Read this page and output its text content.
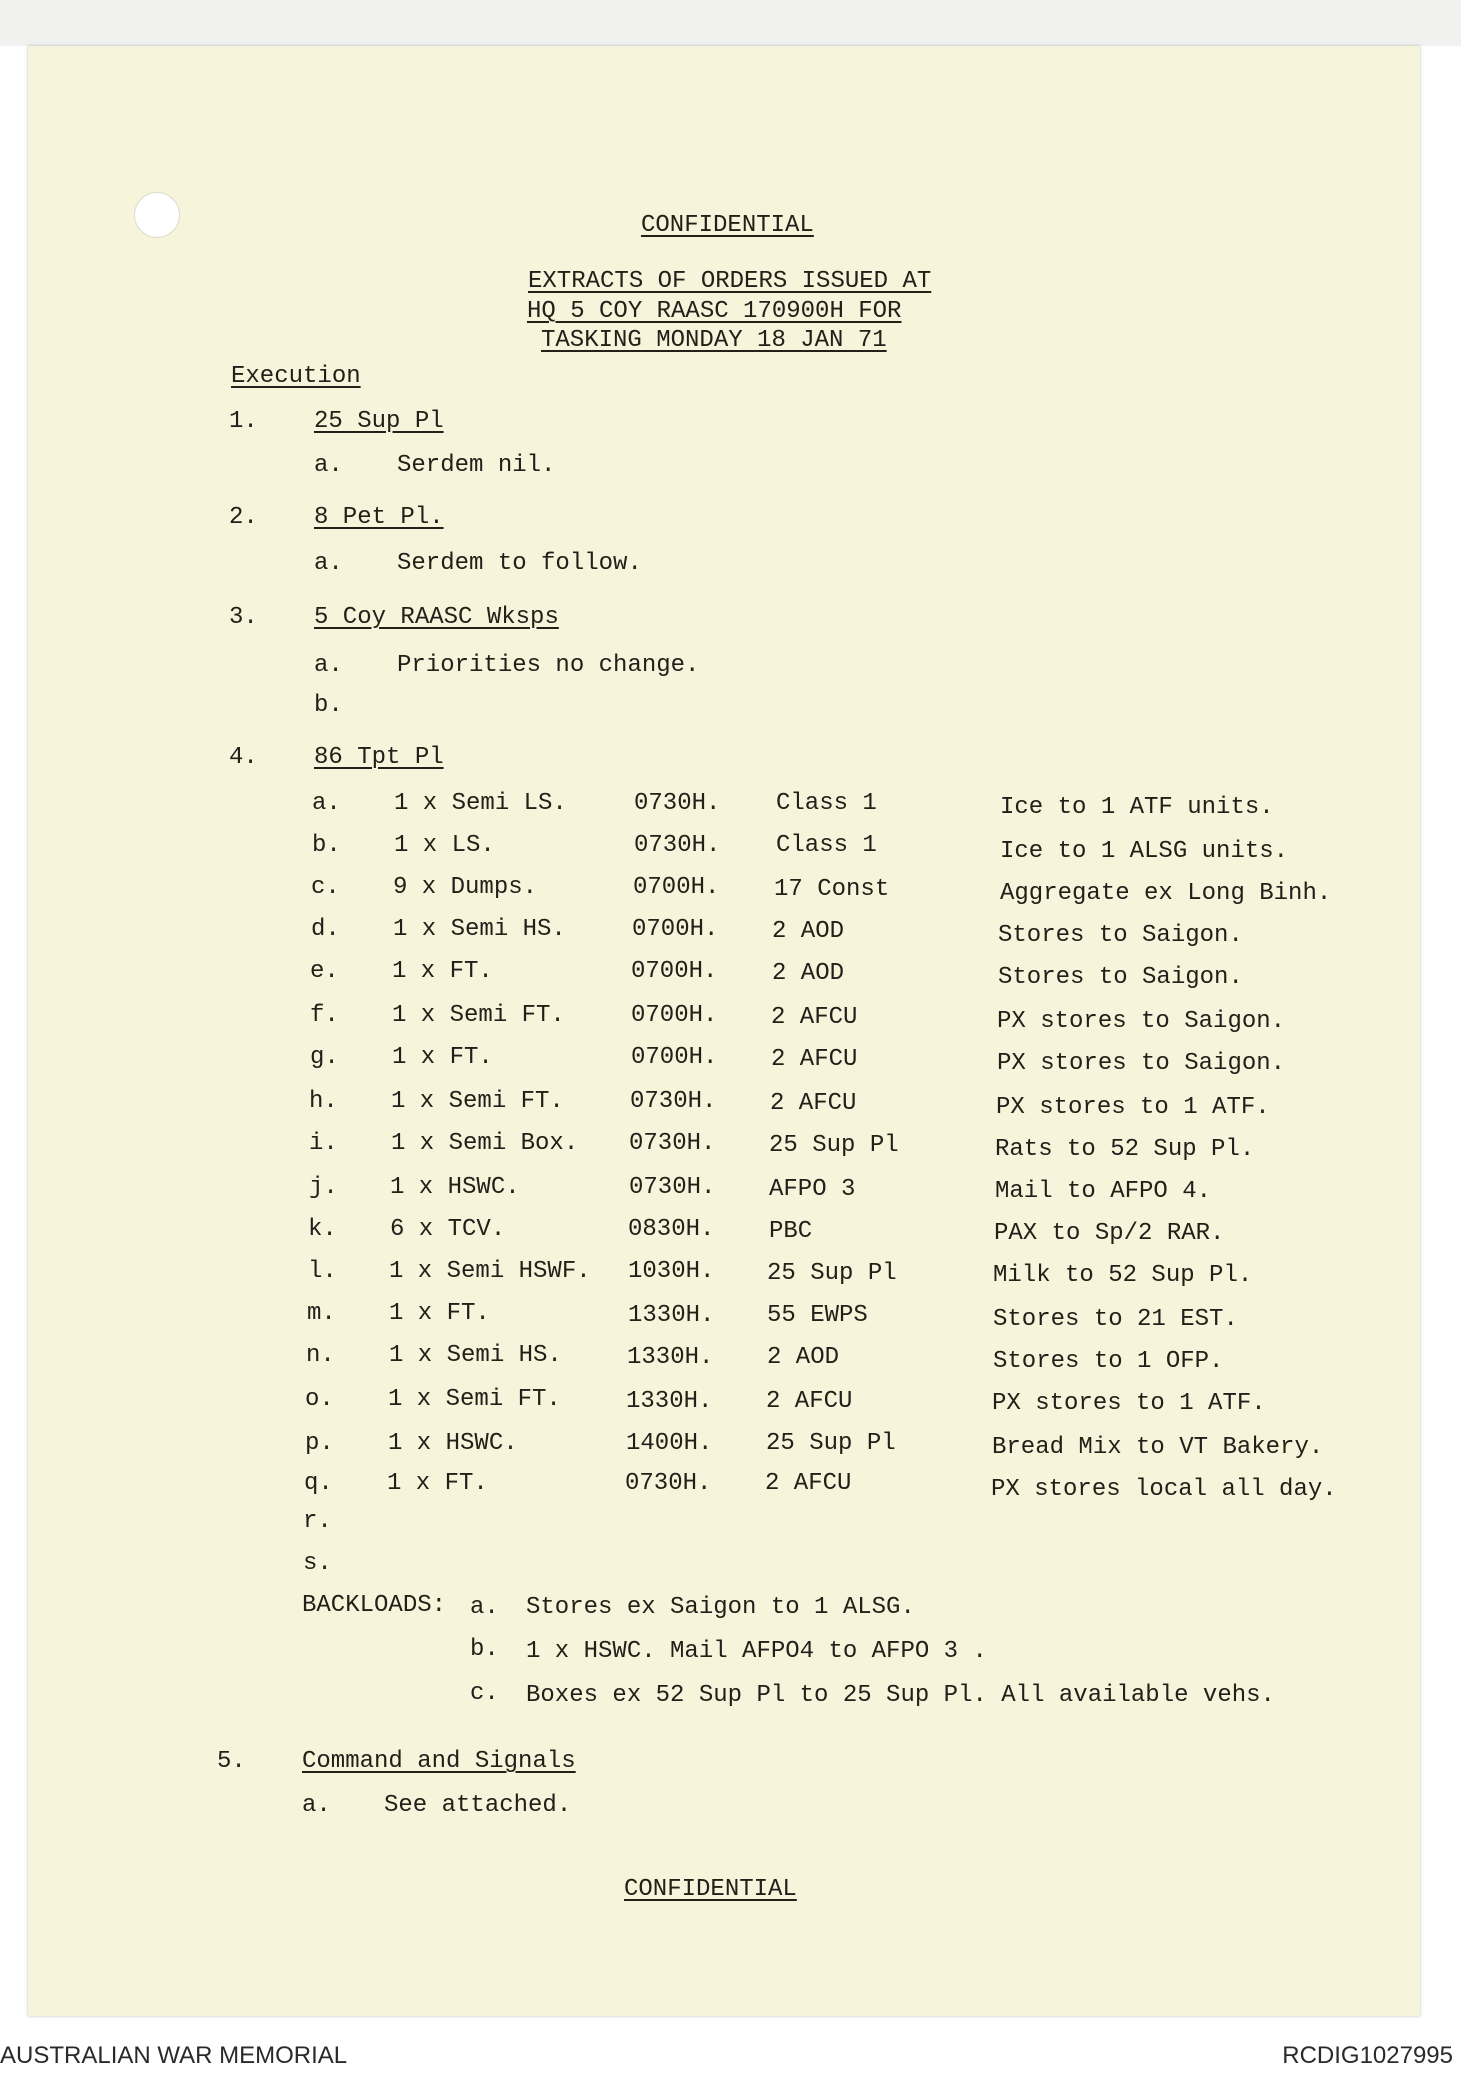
CONFIDENTIAL
EXTRACTS OF ORDERS ISSUED AT
HQ 5 COY RAASC 170900H FOR
TASKING MONDAY 18 JAN 71
Execution
1. 25 Sup Pl
a. Serdem nil.
2. 8 Pet Pl.
a. Serdem to follow.
3. 5 Coy RAASC Wksps
a. Priorities no change.
b.
4. 86 Tpt Pl
a. 1 x Semi LS.	0730H. Class 1	Ice to 1 ATF units.
b. 1 x LS.	0730H. Class 1	Ice to 1 ALSG units.
c. 9 x Dumps.	0700H. 17 Const	Aggregate ex Long Binh.
d. 1 x Semi HS.	0700H. 2 AOD	Stores to Saigon.
e. 1 x FT.	0700H. 2 AOD	Stores to Saigon.
f. 1 x Semi FT.	0700H. 2 AFCU	PX stores to Saigon.
g. 1 x FT.	0700H. 2 AFCU	PX stores to Saigon.
h. 1 x Semi FT.	0730H. 2 AFCU	PX stores to 1 ATF.
i. 1 x Semi Box. 0730H. 25 Sup Pl	Rats to 52 Sup Pl.
j. 1 x HSWC.	0730H. AFPO 3	Mail to AFPO 4.
k. 6 x TCV.	0830H. PBC	PAX to Sp/2 RAR.
l. 1 x Semi HSWF. 1030H. 25 Sup Pl	Milk to 52 Sup Pl.
m. 1 x FT.	1330H. 55 EWPS	Stores to 21 EST.
n. 1 x Semi HS.	1330H. 2 AOD	Stores to 1 OFP.
o. 1 x Semi FT.	1330H. 2 AFCU	PX stores to 1 ATF.
p. 1 x HSWC.	1400H. 25 Sup Pl	Bread Mix to VT Bakery.
q. 1 x FT.	0730H. 2 AFCU	PX stores local all day.
r.
s.
BACKLOADS: a. Stores ex Saigon to 1 ALSG.
b. 1 x HSWC. Mail AFPO4 to AFPO 3 .
c. Boxes ex 52 Sup Pl to 25 Sup Pl. All available vehs.
5. Command and Signals
a. See attached.
CONFIDENTIAL
AUSTRALIAN WAR MEMORIAL	RCDIG1027995
